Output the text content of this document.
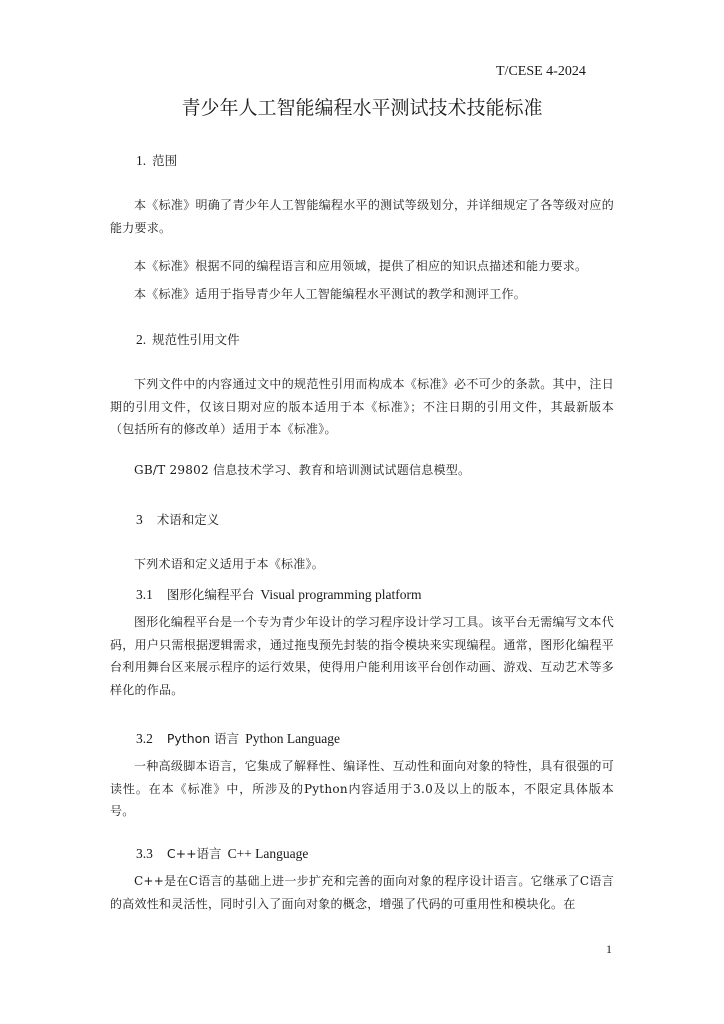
T/CESE 4-2024
青少年人工智能编程水平测试技术技能标准
1. 范围

本《标准》明确了青少年人工智能编程水平的测试等级划分，并详细规定了各等级对应的能力要求。

本《标准》根据不同的编程语言和应用领域，提供了相应的知识点描述和能力要求。

本《标准》适用于指导青少年人工智能编程水平测试的教学和测评工作。

2. 规范性引用文件

下列文件中的内容通过文中的规范性引用而构成本《标准》必不可少的条款。其中，注日期的引用文件，仅该日期对应的版本适用于本《标准》；不注日期的引用文件，其最新版本（包括所有的修改单）适用于本《标准》。

GB/T 29802 信息技术学习、教育和培训测试试题信息模型。

3 术语和定义

下列术语和定义适用于本《标准》。

3.1 图形化编程平台 Visual programming platform

图形化编程平台是一个专为青少年设计的学习程序设计学习工具。该平台无需编写文本代码，用户只需根据逻辑需求，通过拖曳预先封装的指令模块来实现编程。通常，图形化编程平台利用舞台区来展示程序的运行效果，使得用户能利用该平台创作动画、游戏、互动艺术等多样化的作品。

3.2 Python 语言 Python Language

一种高级脚本语言，它集成了解释性、编译性、互动性和面向对象的特性，具有很强的可读性。在本《标准》中，所涉及的Python内容适用于3.0及以上的版本，不限定具体版本号。

3.3 C++语言 C++ Language

C++是在C语言的基础上进一步扩充和完善的面向对象的程序设计语言。它继承了C语言的高效性和灵活性，同时引入了面向对象的概念，增强了代码的可重用性和模块化。在

1
